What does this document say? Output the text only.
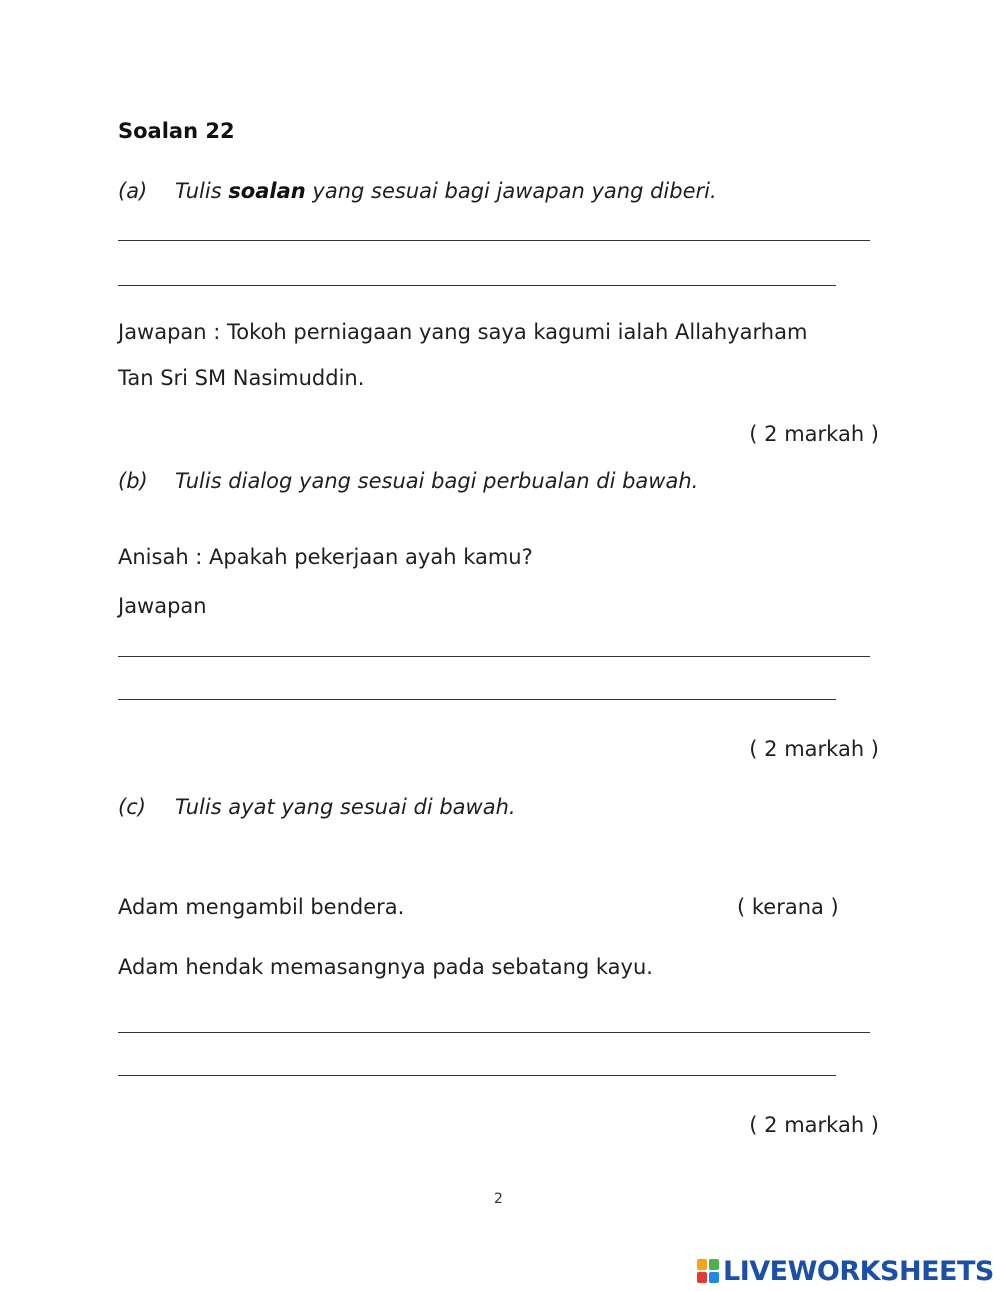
Soalan 22
(a) Tulis soalan yang sesuai bagi jawapan yang diberi.
Jawapan : Tokoh perniagaan yang saya kagumi ialah Allahyarham
Tan Sri SM Nasimuddin.
( 2 markah )
(b) Tulis dialog yang sesuai bagi perbualan di bawah.
Anisah : Apakah pekerjaan ayah kamu?
Jawapan
( 2 markah )
(c) Tulis ayat yang sesuai di bawah.
Adam mengambil bendera.	( kerana )
Adam hendak memasangnya pada sebatang kayu.
( 2 markah )
2
LIVEWORKSHEETS
